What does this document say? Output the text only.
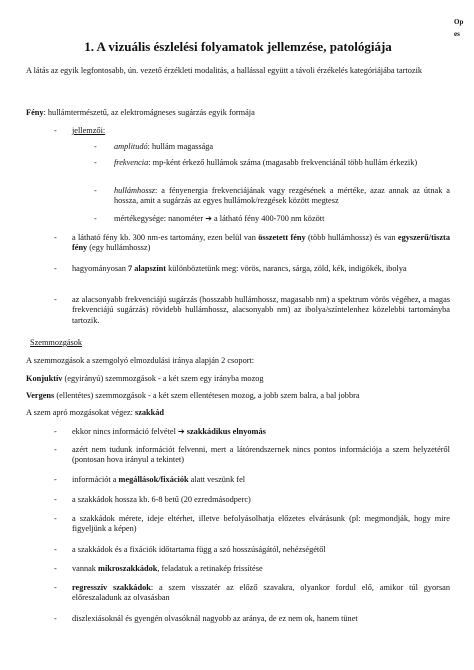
Op
es
1. A vizuális észlelési folyamatok jellemzése, patológiája

A látás az egyik legfontosabb, ún. vezető érzékleti modalitás, a hallással együtt a távoli érzékelés kategóriájába tartozik

Fény: hullámtermészetű, az elektromágneses sugárzás egyik formája

- jellemzői:
- amplitudó: hullám magassága
- frekvencia: mp-ként érkező hullámok száma (magasabb frekvenciánál több hullám érkezik)
- hullámhossz: a fényenergia frekvenciájának vagy rezgésének a mértéke, azaz annak az útnak a hossza, amit a sugárzás az egyes hullámok/rezgések között megtesz
- mértékegysége: nanométer ➔ a látható fény 400-700 nm között
- a látható fény kb. 300 nm-es tartomány, ezen belül van összetett fény (több hullámhossz) és van egyszerű/tiszta fény (egy hullámhossz)
- hagyományosan 7 alapszínt különböztetünk meg: vörös, narancs, sárga, zöld, kék, indigókék, ibolya
- az alacsonyabb frekvenciájú sugárzás (hosszabb hullámhossz, magasabb nm) a spektrum vörös végéhez, a magas frekvenciájú sugárzás) rövidebb hullámhossz, alacsonyabb nm) az ibolya/színtelenhez közelebbi tartományba tartozik.

Szemmozgások

A szemmozgások a szemgolyó elmozdulási iránya alapján 2 csoport:

Konjuktív (egyirányú) szemmozgások - a két szem egy irányba mozog

Vergens (ellentétes) szemmozgások - a két szem ellentétesen mozog, a jobb szem balra, a bal jobbra

A szem apró mozgásokat végez: szakkád

- ekkor nincs információ felvétel ➔ szakkádikus elnyomás
- azért nem tudunk információt felvenni, mert a látórendszernek nincs pontos információja a szem helyzetéről (pontosan hova irányul a tekintet)
- információt a megállások/fixációk alatt veszünk fel
- a szakkádok hossza kb. 6-8 betű (20 ezredmásodperc)
- a szakkádok mérete, ideje eltérhet, illetve befolyásolhatja előzetes elvárásunk (pl: megmondják, hogy mire figyeljünk a képen)
- a szakkádok és a fixációk időtartama függ a szó hosszúságától, nehézségétől
- vannak mikroszakkádok, feladatuk a retinakép frissítése
- regresszív szakkádok: a szem visszatér az előző szavakra, olyankor fordul elő, amikor túl gyorsan előreszaladunk az olvasásban
- diszlexiásoknál és gyengén olvasóknál nagyobb az aránya, de ez nem ok, hanem tünet
